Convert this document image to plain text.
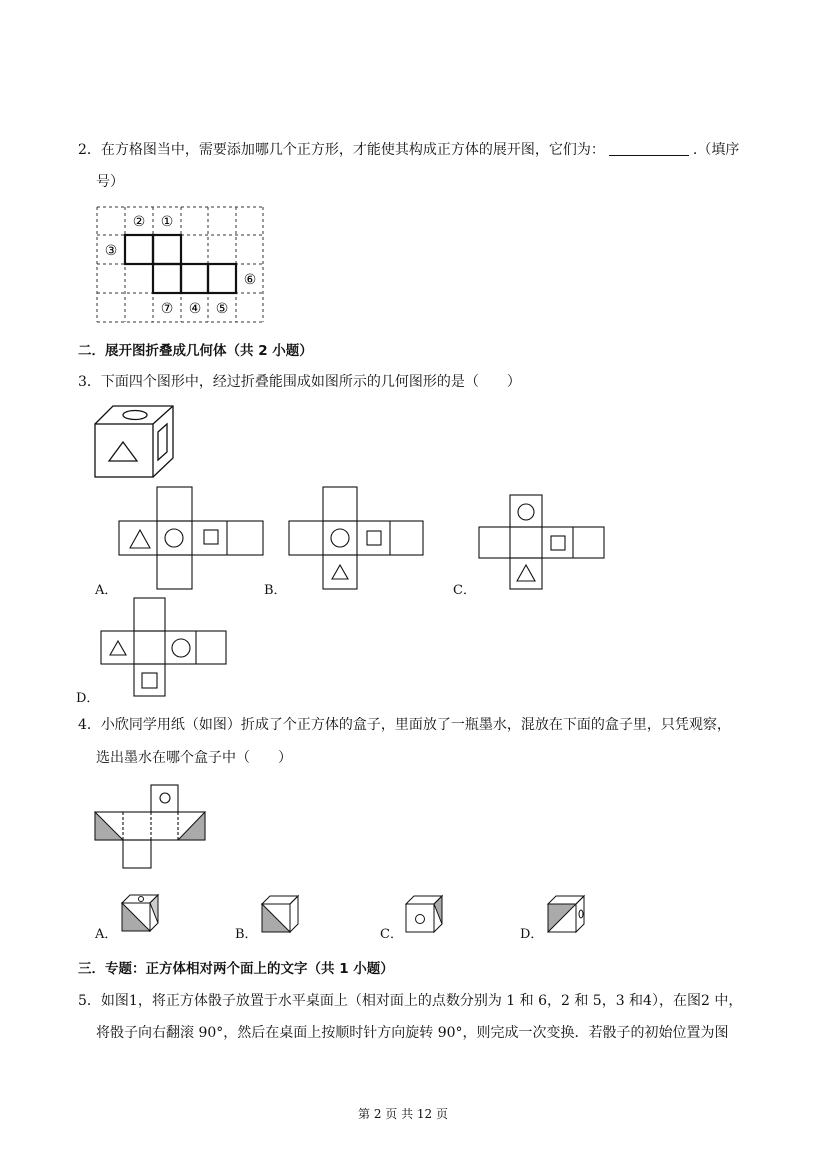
2．在方格图当中，需要添加哪几个正方形，才能使其构成正方体的展开图，它们为：	.（填序
号）
② ①
③
⑥
⑦ ④ ⑤
二．展开图折叠成几何体（共 2 小题）
3．下面四个图形中，经过折叠能围成如图所示的几何图形的是（　　）
A．	B．	C．
D．
4．小欣同学用纸（如图）折成了个正方体的盒子，里面放了一瓶墨水，混放在下面的盒子里，只凭观察，
选出墨水在哪个盒子中（　　）
A．	B．	C．	D．
三．专题：正方体相对两个面上的文字（共 1 小题）
5．如图1，将正方体骰子放置于水平桌面上（相对面上的点数分别为 1 和 6，2 和 5，3 和4），在图2 中，
将骰子向右翻滚 90°，然后在桌面上按顺时针方向旋转 90°，则完成一次变换．若骰子的初始位置为图
第 2 页 共 12 页
